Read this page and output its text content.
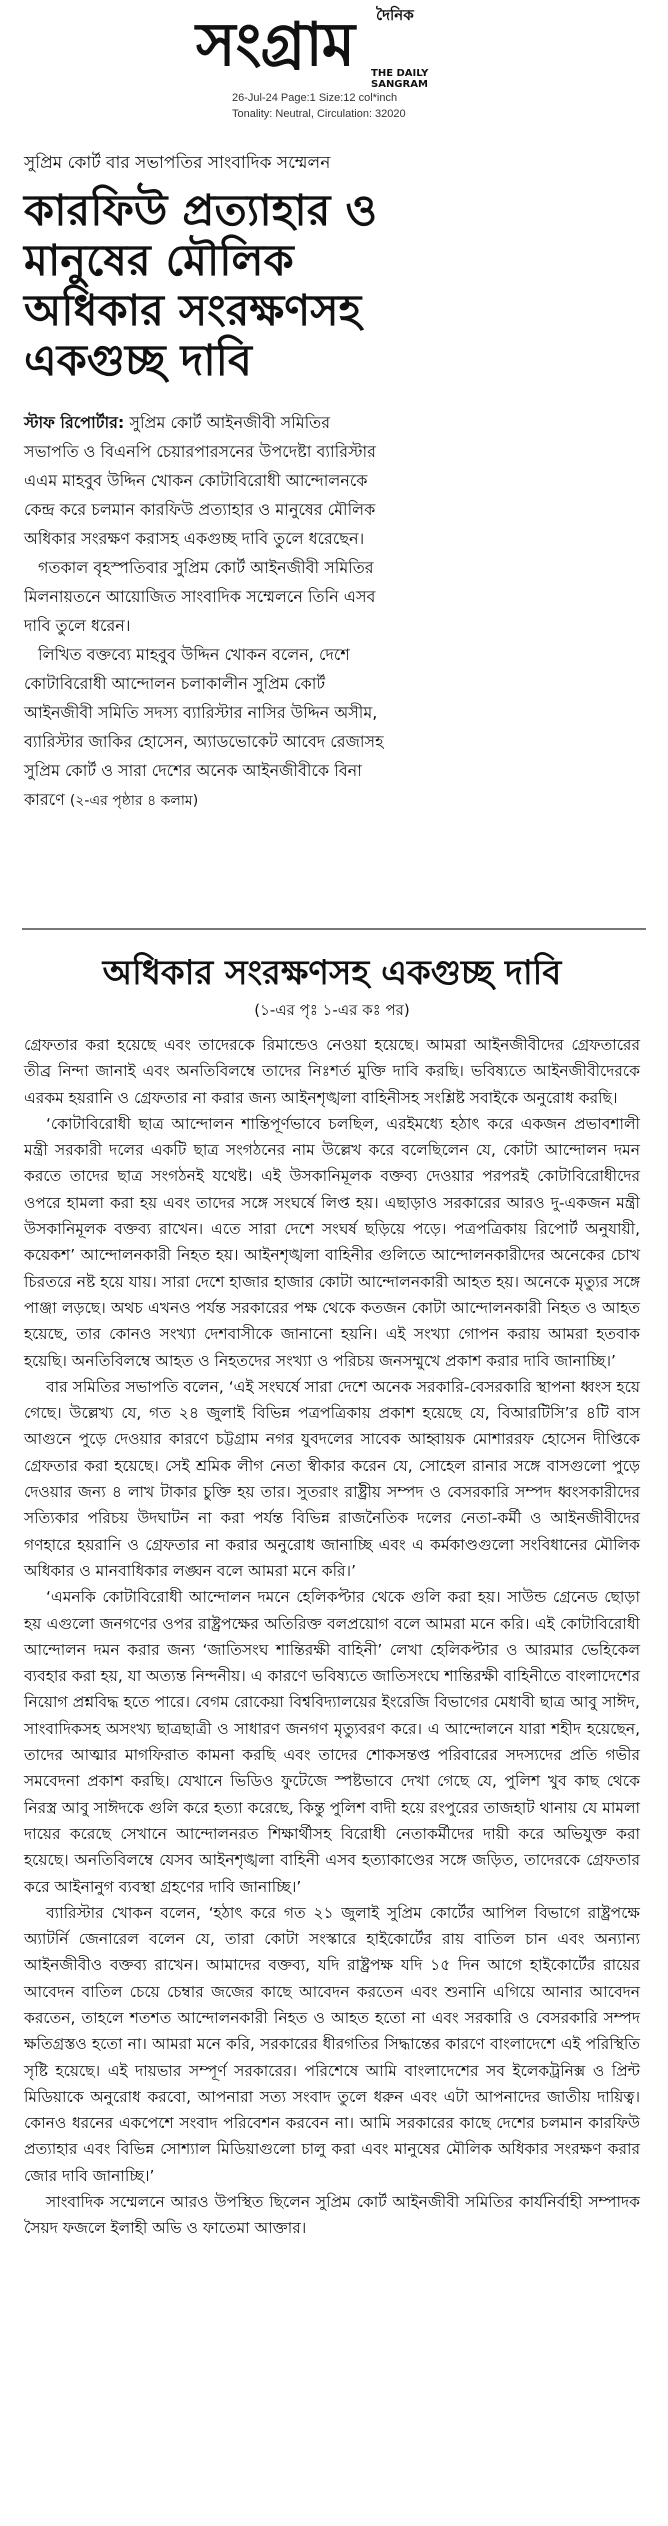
দৈনিক
সংগ্রাম THE DAILY SANGRAM
26-Jul-24 Page:1 Size:12 col*inch
Tonality: Neutral, Circulation: 32020
সুপ্রিম কোর্ট বার সভাপতির সাংবাদিক সম্মেলন
কারফিউ প্রত্যাহার ও মানুষের মৌলিক অধিকার সংরক্ষণসহ একগুচ্ছ দাবি

স্টাফ রিপোর্টার: সুপ্রিম কোর্ট আইনজীবী সমিতির সভাপতি ও বিএনপি চেয়ারপারসনের উপদেষ্টা ব্যারিস্টার এএম মাহবুব উদ্দিন খোকন কোটাবিরোধী আন্দোলনকে কেন্দ্র করে চলমান কারফিউ প্রত্যাহার ও মানুষের মৌলিক অধিকার সংরক্ষণ করাসহ একগুচ্ছ দাবি তুলে ধরেছেন।

গতকাল বৃহস্পতিবার সুপ্রিম কোর্ট আইনজীবী সমিতির মিলনায়তনে আয়োজিত সাংবাদিক সম্মেলনে তিনি এসব দাবি তুলে ধরেন।

লিখিত বক্তব্যে মাহবুব উদ্দিন খোকন বলেন, দেশে কোটাবিরোধী আন্দোলন চলাকালীন সুপ্রিম কোর্ট আইনজীবী সমিতি সদস্য ব্যারিস্টার নাসির উদ্দিন অসীম, ব্যারিস্টার জাকির হোসেন, অ্যাডভোকেট আবেদ রেজাসহ সুপ্রিম কোর্ট ও সারা দেশের অনেক আইনজীবীকে বিনা কারণে (২-এর পৃষ্ঠার ৪ কলাম)

অধিকার সংরক্ষণসহ একগুচ্ছ দাবি
(১-এর পৃঃ ১-এর কঃ পর)

গ্রেফতার করা হয়েছে এবং তাদেরকে রিমান্ডেও নেওয়া হয়েছে। আমরা আইনজীবীদের গ্রেফতারের তীব্র নিন্দা জানাই এবং অনতিবিলম্বে তাদের নিঃশর্ত মুক্তি দাবি করছি। ভবিষ্যতে আইনজীবীদেরকে এরকম হয়রানি ও গ্রেফতার না করার জন্য আইনশৃঙ্খলা বাহিনীসহ সংশ্লিষ্ট সবাইকে অনুরোধ করছি।

‘কোটাবিরোধী ছাত্র আন্দোলন শান্তিপূর্ণভাবে চলছিল, এরইমধ্যে হঠাৎ করে একজন প্রভাবশালী মন্ত্রী সরকারী দলের একটি ছাত্র সংগঠনের নাম উল্লেখ করে বলেছিলেন যে, কোটা আন্দোলন দমন করতে তাদের ছাত্র সংগঠনই যথেষ্ট। এই উসকানিমূলক বক্তব্য দেওয়ার পরপরই কোটাবিরোধীদের ওপরে হামলা করা হয় এবং তাদের সঙ্গে সংঘর্ষে লিপ্ত হয়। এছাড়াও সরকারের আরও দু-একজন মন্ত্রী উসকানিমূলক বক্তব্য রাখেন। এতে সারা দেশে সংঘর্ষ ছড়িয়ে পড়ে। পত্রপত্রিকায় রিপোর্ট অনুযায়ী, কয়েকশ’ আন্দোলনকারী নিহত হয়। আইনশৃঙ্খলা বাহিনীর গুলিতে আন্দোলনকারীদের অনেকের চোখ চিরতরে নষ্ট হয়ে যায়। সারা দেশে হাজার হাজার কোটা আন্দোলনকারী আহত হয়। অনেকে মৃত্যুর সঙ্গে পাঞ্জা লড়ছে। অথচ এখনও পর্যন্ত সরকারের পক্ষ থেকে কতজন কোটা আন্দোলনকারী নিহত ও আহত হয়েছে, তার কোনও সংখ্যা দেশবাসীকে জানানো হয়নি। এই সংখ্যা গোপন করায় আমরা হতবাক হয়েছি। অনতিবিলম্বে আহত ও নিহতদের সংখ্যা ও পরিচয় জনসম্মুখে প্রকাশ করার দাবি জানাচ্ছি।’

বার সমিতির সভাপতি বলেন, ‘এই সংঘর্ষে সারা দেশে অনেক সরকারি-বেসরকারি স্থাপনা ধ্বংস হয়ে গেছে। উল্লেখ্য যে, গত ২৪ জুলাই বিভিন্ন পত্রপত্রিকায় প্রকাশ হয়েছে যে, বিআরটিসি’র ৪টি বাস আগুনে পুড়ে দেওয়ার কারণে চট্টগ্রাম নগর যুবদলের সাবেক আহ্বায়ক মোশাররফ হোসেন দীপ্তিকে গ্রেফতার করা হয়েছে। সেই শ্রমিক লীগ নেতা স্বীকার করেন যে, সোহেল রানার সঙ্গে বাসগুলো পুড়ে দেওয়ার জন্য ৪ লাখ টাকার চুক্তি হয় তার। সুতরাং রাষ্ট্রীয় সম্পদ ও বেসরকারি সম্পদ ধ্বংসকারীদের সত্যিকার পরিচয় উদঘাটন না করা পর্যন্ত বিভিন্ন রাজনৈতিক দলের নেতা-কর্মী ও আইনজীবীদের গণহারে হয়রানি ও গ্রেফতার না করার অনুরোধ জানাচ্ছি এবং এ কর্মকাণ্ডগুলো সংবিধানের মৌলিক অধিকার ও মানবাধিকার লঙ্ঘন বলে আমরা মনে করি।’

‘এমনকি কোটাবিরোধী আন্দোলন দমনে হেলিকপ্টার থেকে গুলি করা হয়। সাউন্ড গ্রেনেড ছোড়া হয় এগুলো জনগণের ওপর রাষ্ট্রপক্ষের অতিরিক্ত বলপ্রয়োগ বলে আমরা মনে করি। এই কোটাবিরোধী আন্দোলন দমন করার জন্য ‘জাতিসংঘ শান্তিরক্ষী বাহিনী’ লেখা হেলিকপ্টার ও আরমার ভেহিকেল ব্যবহার করা হয়, যা অত্যন্ত নিন্দনীয়। এ কারণে ভবিষ্যতে জাতিসংঘে শান্তিরক্ষী বাহিনীতে বাংলাদেশের নিয়োগ প্রশ্নবিদ্ধ হতে পারে। বেগম রোকেয়া বিশ্ববিদ্যালয়ের ইংরেজি বিভাগের মেধাবী ছাত্র আবু সাঈদ, সাংবাদিকসহ অসংখ্য ছাত্রছাত্রী ও সাধারণ জনগণ মৃত্যুবরণ করে। এ আন্দোলনে যারা শহীদ হয়েছেন, তাদের আত্মার মাগফিরাত কামনা করছি এবং তাদের শোকসন্তপ্ত পরিবারের সদস্যদের প্রতি গভীর সমবেদনা প্রকাশ করছি। যেখানে ভিডিও ফুটেজে স্পষ্টভাবে দেখা গেছে যে, পুলিশ খুব কাছ থেকে নিরস্ত্র আবু সাঈদকে গুলি করে হত্যা করেছে, কিন্তু পুলিশ বাদী হয়ে রংপুরের তাজহাট থানায় যে মামলা দায়ের করেছে সেখানে আন্দোলনরত শিক্ষার্থীসহ বিরোধী নেতাকর্মীদের দায়ী করে অভিযুক্ত করা হয়েছে। অনতিবিলম্বে যেসব আইনশৃঙ্খলা বাহিনী এসব হত্যাকাণ্ডের সঙ্গে জড়িত, তাদেরকে গ্রেফতার করে আইনানুগ ব্যবস্থা গ্রহণের দাবি জানাচ্ছি।’

ব্যারিস্টার খোকন বলেন, ‘হঠাৎ করে গত ২১ জুলাই সুপ্রিম কোর্টের আপিল বিভাগে রাষ্ট্রপক্ষে অ্যাটর্নি জেনারেল বলেন যে, তারা কোটা সংস্কারে হাইকোর্টের রায় বাতিল চান এবং অন্যান্য আইনজীবীও বক্তব্য রাখেন। আমাদের বক্তব্য, যদি রাষ্ট্রপক্ষ যদি ১৫ দিন আগে হাইকোর্টের রায়ের আবেদন বাতিল চেয়ে চেম্বার জজের কাছে আবেদন করতেন এবং শুনানি এগিয়ে আনার আবেদন করতেন, তাহলে শতশত আন্দোলনকারী নিহত ও আহত হতো না এবং সরকারি ও বেসরকারি সম্পদ ক্ষতিগ্রস্তও হতো না। আমরা মনে করি, সরকারের ধীরগতির সিদ্ধান্তের কারণে বাংলাদেশে এই পরিস্থিতি সৃষ্টি হয়েছে। এই দায়ভার সম্পূর্ণ সরকারের। পরিশেষে আমি বাংলাদেশের সব ইলেকট্রনিক্স ও প্রিন্ট মিডিয়াকে অনুরোধ করবো, আপনারা সত্য সংবাদ তুলে ধরুন এবং এটা আপনাদের জাতীয় দায়িত্ব। কোনও ধরনের একপেশে সংবাদ পরিবেশন করবেন না। আমি সরকারের কাছে দেশের চলমান কারফিউ প্রত্যাহার এবং বিভিন্ন সোশ্যাল মিডিয়াগুলো চালু করা এবং মানুষের মৌলিক অধিকার সংরক্ষণ করার জোর দাবি জানাচ্ছি।’

সাংবাদিক সম্মেলনে আরও উপস্থিত ছিলেন সুপ্রিম কোর্ট আইনজীবী সমিতির কার্যনির্বাহী সম্পাদক সৈয়দ ফজলে ইলাহী অভি ও ফাতেমা আক্তার।
